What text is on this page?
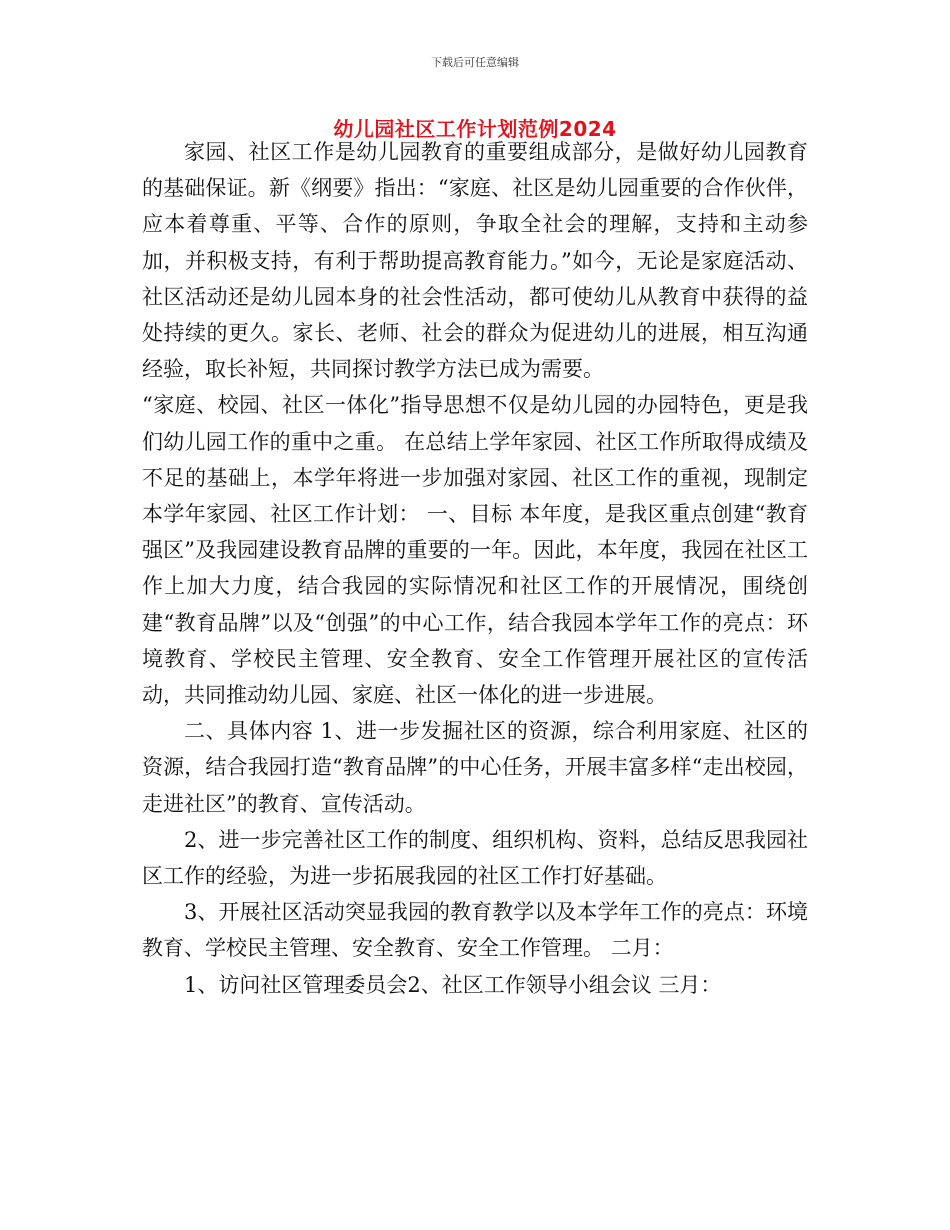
下载后可任意编辑
幼儿园社区工作计划范例2024

家园、社区工作是幼儿园教育的重要组成部分，是做好幼儿园教育的基础保证。新《纲要》指出：“家庭、社区是幼儿园重要的合作伙伴，应本着尊重、平等、合作的原则，争取全社会的理解，支持和主动参加，并积极支持，有利于帮助提高教育能力。”如今，无论是家庭活动、社区活动还是幼儿园本身的社会性活动，都可使幼儿从教育中获得的益处持续的更久。家长、老师、社会的群众为促进幼儿的进展，相互沟通经验，取长补短，共同探讨教学方法已成为需要。

“家庭、校园、社区一体化”指导思想不仅是幼儿园的办园特色，更是我们幼儿园工作的重中之重。 在总结上学年家园、社区工作所取得成绩及不足的基础上，本学年将进一步加强对家园、社区工作的重视，现制定本学年家园、社区工作计划： 一、目标 本年度，是我区重点创建“教育强区”及我园建设教育品牌的重要的一年。因此，本年度，我园在社区工作上加大力度，结合我园的实际情况和社区工作的开展情况，围绕创建“教育品牌”以及“创强”的中心工作，结合我园本学年工作的亮点：环境教育、学校民主管理、安全教育、安全工作管理开展社区的宣传活动，共同推动幼儿园、家庭、社区一体化的进一步进展。

二、具体内容 1、进一步发掘社区的资源，综合利用家庭、社区的资源，结合我园打造“教育品牌”的中心任务，开展丰富多样“走出校园，走进社区”的教育、宣传活动。

2、进一步完善社区工作的制度、组织机构、资料，总结反思我园社区工作的经验，为进一步拓展我园的社区工作打好基础。

3、开展社区活动突显我园的教育教学以及本学年工作的亮点：环境教育、学校民主管理、安全教育、安全工作管理。 二月：

1、访问社区管理委员会2、社区工作领导小组会议 三月：
